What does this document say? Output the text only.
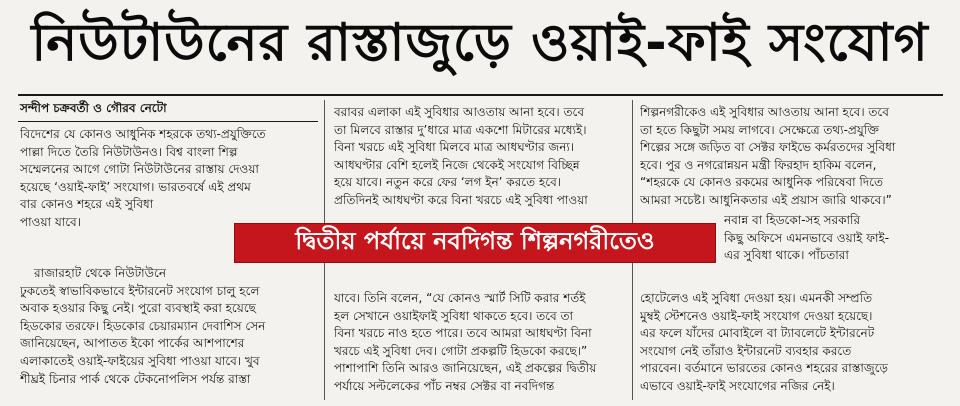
নিউটাউনের রাস্তাজুড়ে ওয়াই-ফাই সংযোগ
সন্দীপ চক্রবর্তী ও গৌরব নেটো
বিদেশের যে কোনও আধুনিক শহরকে তথ্য-প্রযুক্তিতে
পাল্লা দিতে তৈরি নিউটাউনও। বিশ্ব বাংলা শিল্প
সম্মেলনের আগে গোটা নিউটাউনের রাস্তায় দেওয়া
হয়েছে ‘ওয়াই-ফাই’ সংযোগ। ভারতবর্ষে এই প্রথম
বার কোনও শহরে এই সুবিধা
পাওয়া যাবে।
রাজারহাট থেকে নিউটাউনে
ঢুকতেই স্বাভাবিকভাবে ইন্টারনেট সংযোগ চালু হলে
অবাক হওয়ার কিছু নেই। পুরো ব্যবস্থাই করা হয়েছে
হিডকোর তরফে। হিডকোর চেয়ারম্যান দেবাশিস সেন
জানিয়েছেন, আপাতত ইকো পার্কের আশপাশের
এলাকাতেই ওয়াই-ফাইয়ের সুবিধা পাওয়া যাবে। খুব
শীঘ্রই চিনার পার্ক থেকে টেকনোপলিস পর্যন্ত রাস্তা
বরাবর এলাকা এই সুবিধার আওতায় আনা হবে। তবে
তা মিলবে রাস্তার দু’ধারে মাত্র একশো মিটারের মধ্যেই।
বিনা খরচে এই সুবিধা মিলবে মাত্র আধঘণ্টার জন্য।
আধঘণ্টার বেশি হলেই নিজে থেকেই সংযোগ বিচ্ছিন্ন
হয়ে যাবে। নতুন করে ফের ‘লগ ইন’ করতে হবে।
প্রতিদিনই আধঘণ্টা করে বিনা খরচে এই সুবিধা পাওয়া
যাবে। তিনি বলেন, “যে কোনও স্মার্ট সিটি করার শর্তই
হল সেখানে ওয়াইফাই সুবিধা থাকতে হবে। তবে তা
বিনা খরচে নাও হতে পারে। তবে আমরা আধঘণ্টা বিনা
খরচে এই সুবিধা দেব। গোটা প্রকল্পটি হিডকো করছে।”
পাশাপাশি তিনি আরও জানিয়েছেন, এই প্রকল্পের দ্বিতীয়
পর্যায়ে সল্টলেকের পাঁচ নম্বর সেক্টর বা নবদিগন্ত
শিল্পনগরীকেও এই সুবিধার আওতায় আনা হবে। তবে
তা হতে কিছুটা সময় লাগবে। সেক্ষেত্রে তথ্য-প্রযুক্তি
শিল্পের সঙ্গে জড়িত বা সেক্টর ফাইভে কর্মরতদের সুবিধা
হবে। পুর ও নগরোন্নয়ন মন্ত্রী ফিরহাদ হাকিম বলেন,
“শহরকে যে কোনও রকমের আধুনিক পরিষেবা দিতে
আমরা সচেষ্ট। আধুনিকতার এই প্রয়াস জারি থাকবে।”
নবান্ন বা হিডকো-সহ সরকারি
কিছু অফিসে এমনভাবে ওয়াই ফাই-
এর সুবিধা থাকে। পাঁচতারা
হোটেলেও এই সুবিধা দেওয়া হয়। এমনকী সম্প্রতি
মুম্বই স্টেশনেও ওয়াই-ফাই সংযোগ দেওয়া হয়েছে।
এর ফলে যাঁদের মোবাইলে বা ট্যাবলেটে ইন্টারনেট
সংযোগ নেই তাঁরাও ইন্টারনেট ব্যবহার করতে
পারবেন। বর্তমানে ভারতের কোনও শহরের রাস্তাজুড়ে
এভাবে ওয়াই-ফাই সংযোগের নজির নেই।
দ্বিতীয় পর্যায়ে নবদিগন্ত শিল্পনগরীতেও
